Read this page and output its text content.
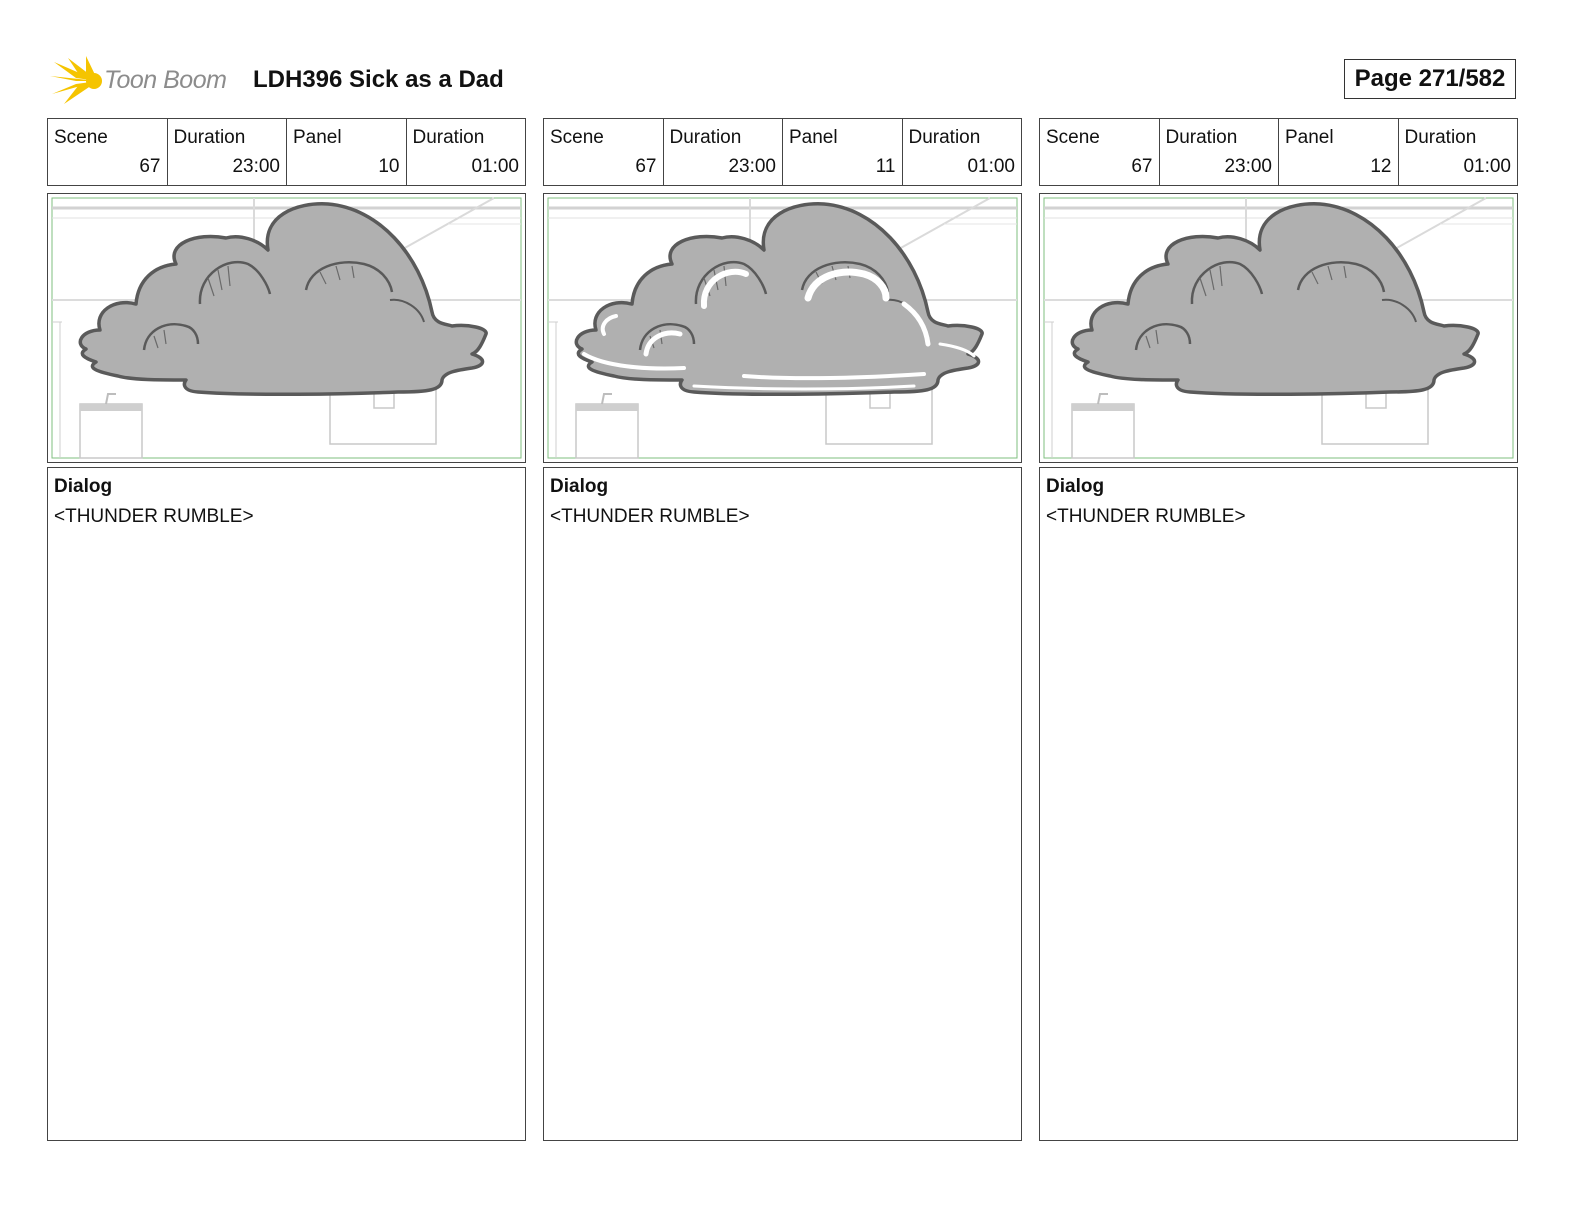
Toon Boom LDH396 Sick as a Dad	Page 271/582
Scene
67
Duration
23:00
Panel
10
Duration
01:00
Dialog
<THUNDER RUMBLE>
Scene
67
Duration
23:00
Panel
11
Duration
01:00
Dialog
<THUNDER RUMBLE>
Scene
67
Duration
23:00
Panel
12
Duration
01:00
Dialog
<THUNDER RUMBLE>
